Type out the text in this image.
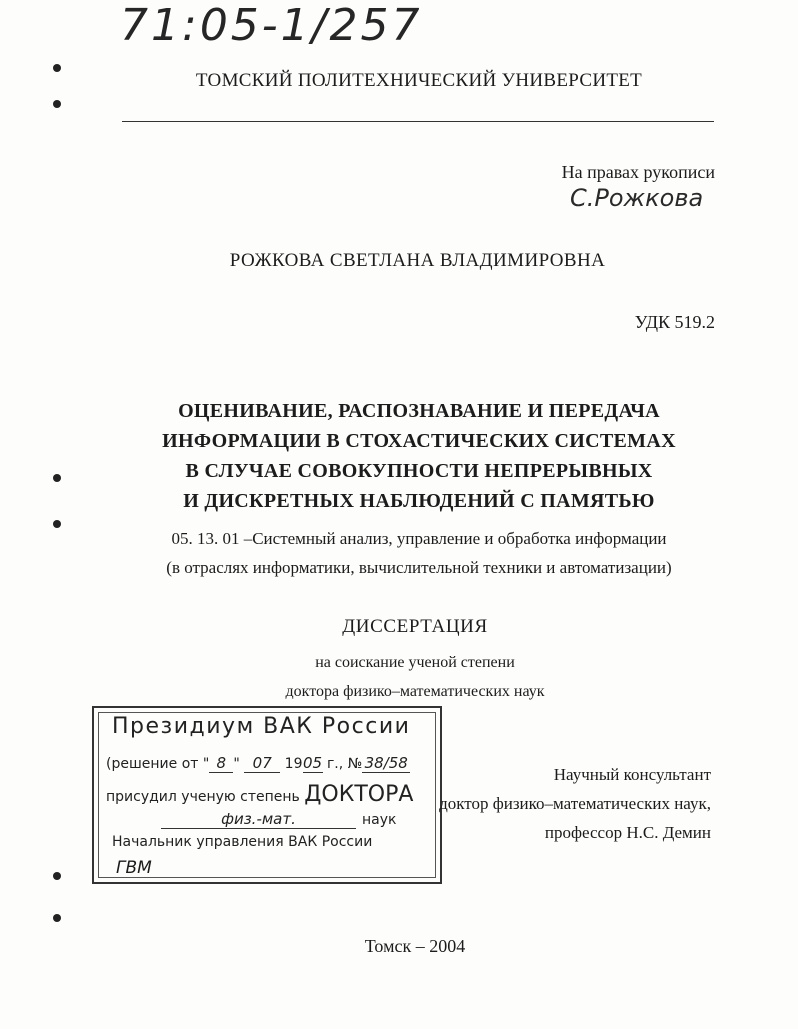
71:05-1/257
ТОМСКИЙ ПОЛИТЕХНИЧЕСКИЙ УНИВЕРСИТЕТ
На правах рукописи
С.Рожкова
РОЖКОВА СВЕТЛАНА ВЛАДИМИРОВНА
УДК 519.2
ОЦЕНИВАНИЕ, РАСПОЗНАВАНИЕ И ПЕРЕДАЧА
ИНФОРМАЦИИ В СТОХАСТИЧЕСКИХ СИСТЕМАХ
В СЛУЧАЕ СОВОКУПНОСТИ НЕПРЕРЫВНЫХ
И ДИСКРЕТНЫХ НАБЛЮДЕНИЙ С ПАМЯТЬЮ
05. 13. 01 –Системный анализ, управление и обработка информации
(в отраслях информатики, вычислительной техники и автоматизации)
ДИССЕРТАЦИЯ
на соискание ученой степени
доктора физико–математических наук
Президиум ВАК России
(решение от " 8 " 07 1905 г., № 38/58
присудил ученую степень ДОКТОРА
физ.-мат.	наук
Начальник управления ВАК России
ГВМ
Научный консультант
доктор физико–математических наук,
профессор Н.С. Демин
Томск – 2004
